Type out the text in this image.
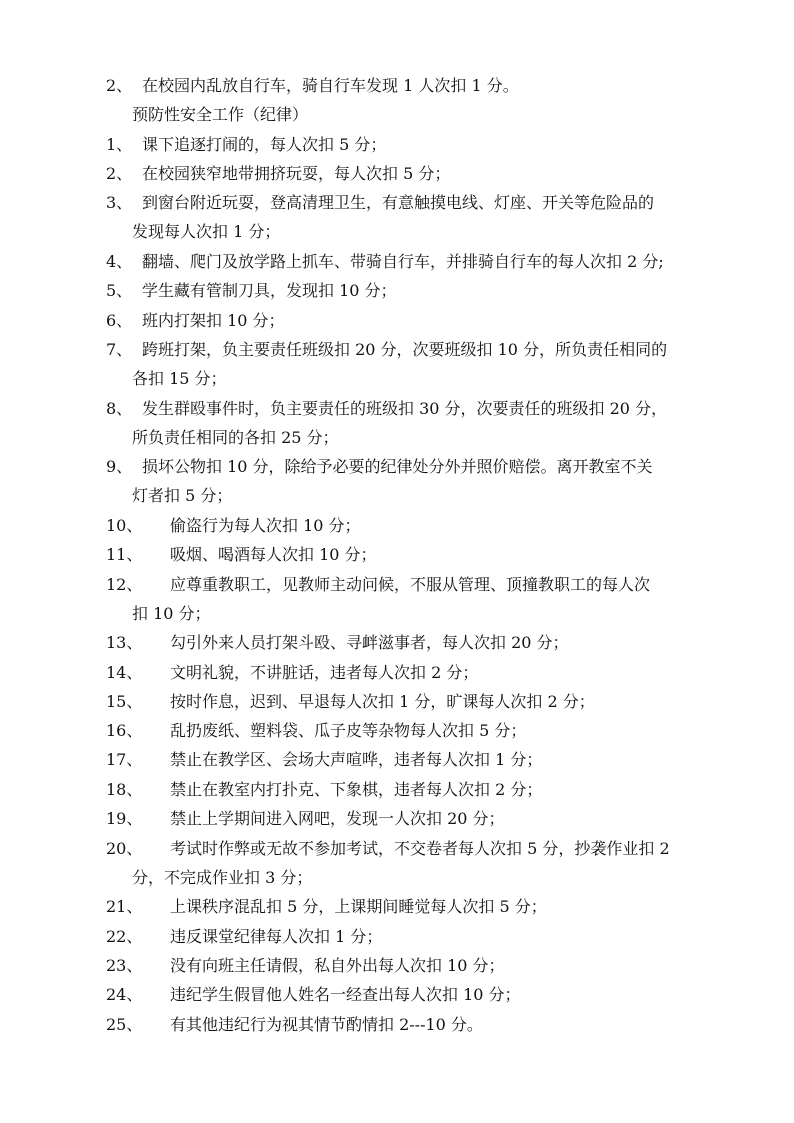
2、 在校园内乱放自行车，骑自行车发现 1 人次扣 1 分。
预防性安全工作（纪律）
1、 课下追逐打闹的，每人次扣 5 分；
2、 在校园狭窄地带拥挤玩耍，每人次扣 5 分；
3、 到窗台附近玩耍，登高清理卫生，有意触摸电线、灯座、开关等危险品的
发现每人次扣 1 分；
4、 翻墙、爬门及放学路上抓车、带骑自行车，并排骑自行车的每人次扣 2 分;
5、 学生藏有管制刀具，发现扣 10 分；
6、 班内打架扣 10 分；
7、 跨班打架，负主要责任班级扣 20 分，次要班级扣 10 分，所负责任相同的
各扣 15 分；
8、 发生群殴事件时，负主要责任的班级扣 30 分，次要责任的班级扣 20 分，
所负责任相同的各扣 25 分；
9、 损坏公物扣 10 分，除给予必要的纪律处分外并照价赔偿。离开教室不关
灯者扣 5 分；
10、 偷盗行为每人次扣 10 分；
11、 吸烟、喝酒每人次扣 10 分；
12、 应尊重教职工，见教师主动问候，不服从管理、顶撞教职工的每人次
扣 10 分；
13、 勾引外来人员打架斗殴、寻衅滋事者，每人次扣 20 分；
14、 文明礼貌，不讲脏话，违者每人次扣 2 分；
15、 按时作息，迟到、早退每人次扣 1 分，旷课每人次扣 2 分；
16、 乱扔废纸、塑料袋、瓜子皮等杂物每人次扣 5 分；
17、 禁止在教学区、会场大声喧哗，违者每人次扣 1 分；
18、 禁止在教室内打扑克、下象棋，违者每人次扣 2 分；
19、 禁止上学期间进入网吧，发现一人次扣 20 分；
20、 考试时作弊或无故不参加考试，不交卷者每人次扣 5 分，抄袭作业扣 2
分，不完成作业扣 3 分；
21、 上课秩序混乱扣 5 分，上课期间睡觉每人次扣 5 分；
22、 违反课堂纪律每人次扣 1 分；
23、 没有向班主任请假，私自外出每人次扣 10 分；
24、 违纪学生假冒他人姓名一经查出每人次扣 10 分；
25、 有其他违纪行为视其情节酌情扣 2---10 分。
